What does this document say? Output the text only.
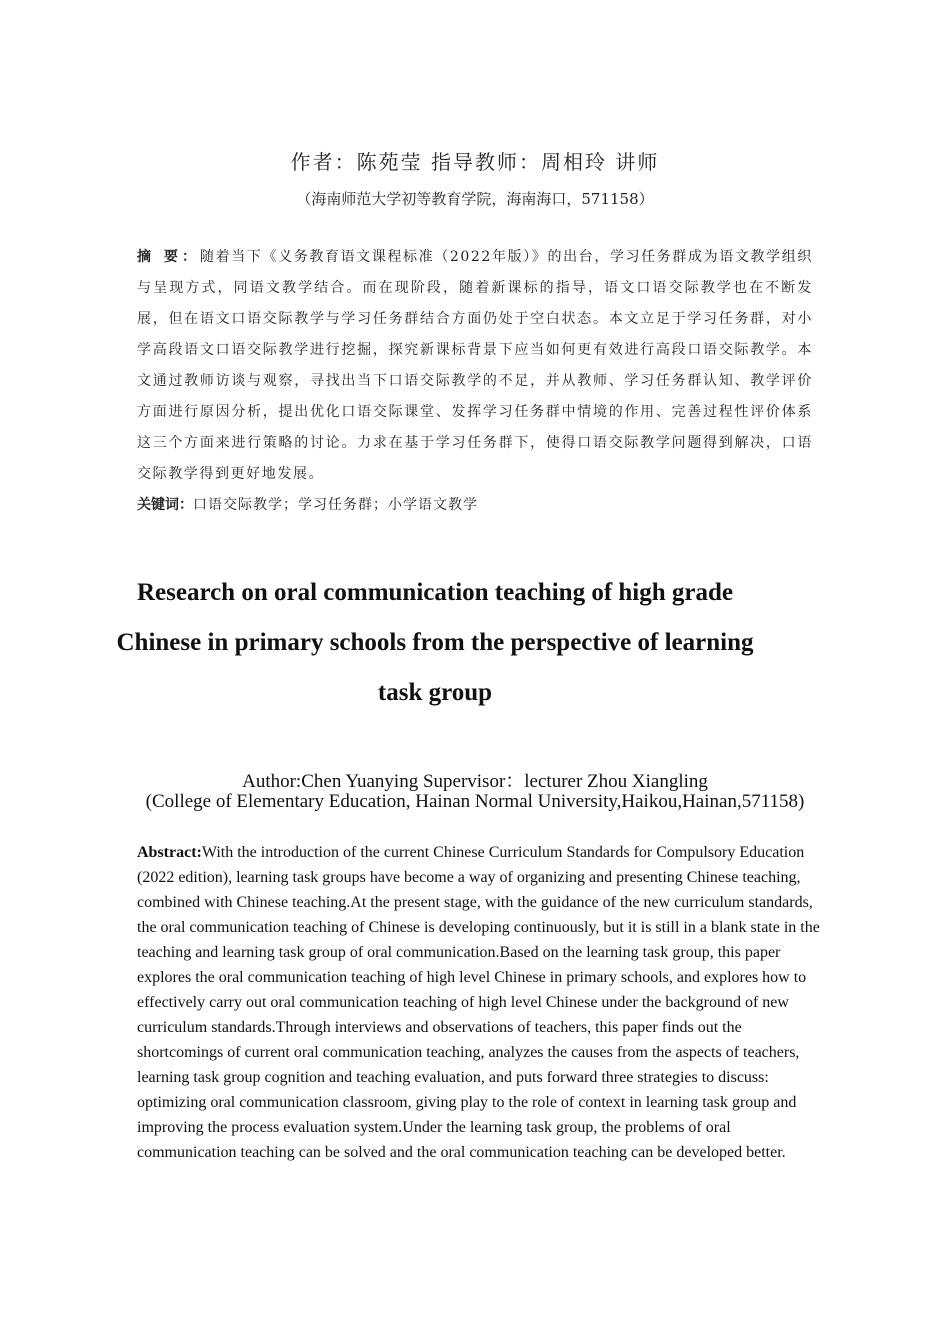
作者：陈苑莹 指导教师：周相玲 讲师
（海南师范大学初等教育学院，海南海口，571158）
摘 要：随着当下《义务教育语文课程标准（2022年版）》的出台，学习任务群成为语文教学组织与呈现方式，同语文教学结合。而在现阶段，随着新课标的指导，语文口语交际教学也在不断发展，但在语文口语交际教学与学习任务群结合方面仍处于空白状态。本文立足于学习任务群，对小学高段语文口语交际教学进行挖掘，探究新课标背景下应当如何更有效进行高段口语交际教学。本文通过教师访谈与观察，寻找出当下口语交际教学的不足，并从教师、学习任务群认知、教学评价方面进行原因分析，提出优化口语交际课堂、发挥学习任务群中情境的作用、完善过程性评价体系这三个方面来进行策略的讨论。力求在基于学习任务群下，使得口语交际教学问题得到解决，口语交际教学得到更好地发展。
关键词：口语交际教学；学习任务群；小学语文教学
Research on oral communication teaching of high grade Chinese in primary schools from the perspective of learning task group
Author:Chen Yuanying Supervisor：lecturer Zhou Xiangling
(College of Elementary Education, Hainan Normal University,Haikou,Hainan,571158)
Abstract:With the introduction of the current Chinese Curriculum Standards for Compulsory Education (2022 edition), learning task groups have become a way of organizing and presenting Chinese teaching, combined with Chinese teaching.At the present stage, with the guidance of the new curriculum standards, the oral communication teaching of Chinese is developing continuously, but it is still in a blank state in the teaching and learning task group of oral communication.Based on the learning task group, this paper explores the oral communication teaching of high level Chinese in primary schools, and explores how to effectively carry out oral communication teaching of high level Chinese under the background of new curriculum standards.Through interviews and observations of teachers, this paper finds out the shortcomings of current oral communication teaching, analyzes the causes from the aspects of teachers, learning task group cognition and teaching evaluation, and puts forward three strategies to discuss: optimizing oral communication classroom, giving play to the role of context in learning task group and improving the process evaluation system.Under the learning task group, the problems of oral communication teaching can be solved and the oral communication teaching can be developed better.
